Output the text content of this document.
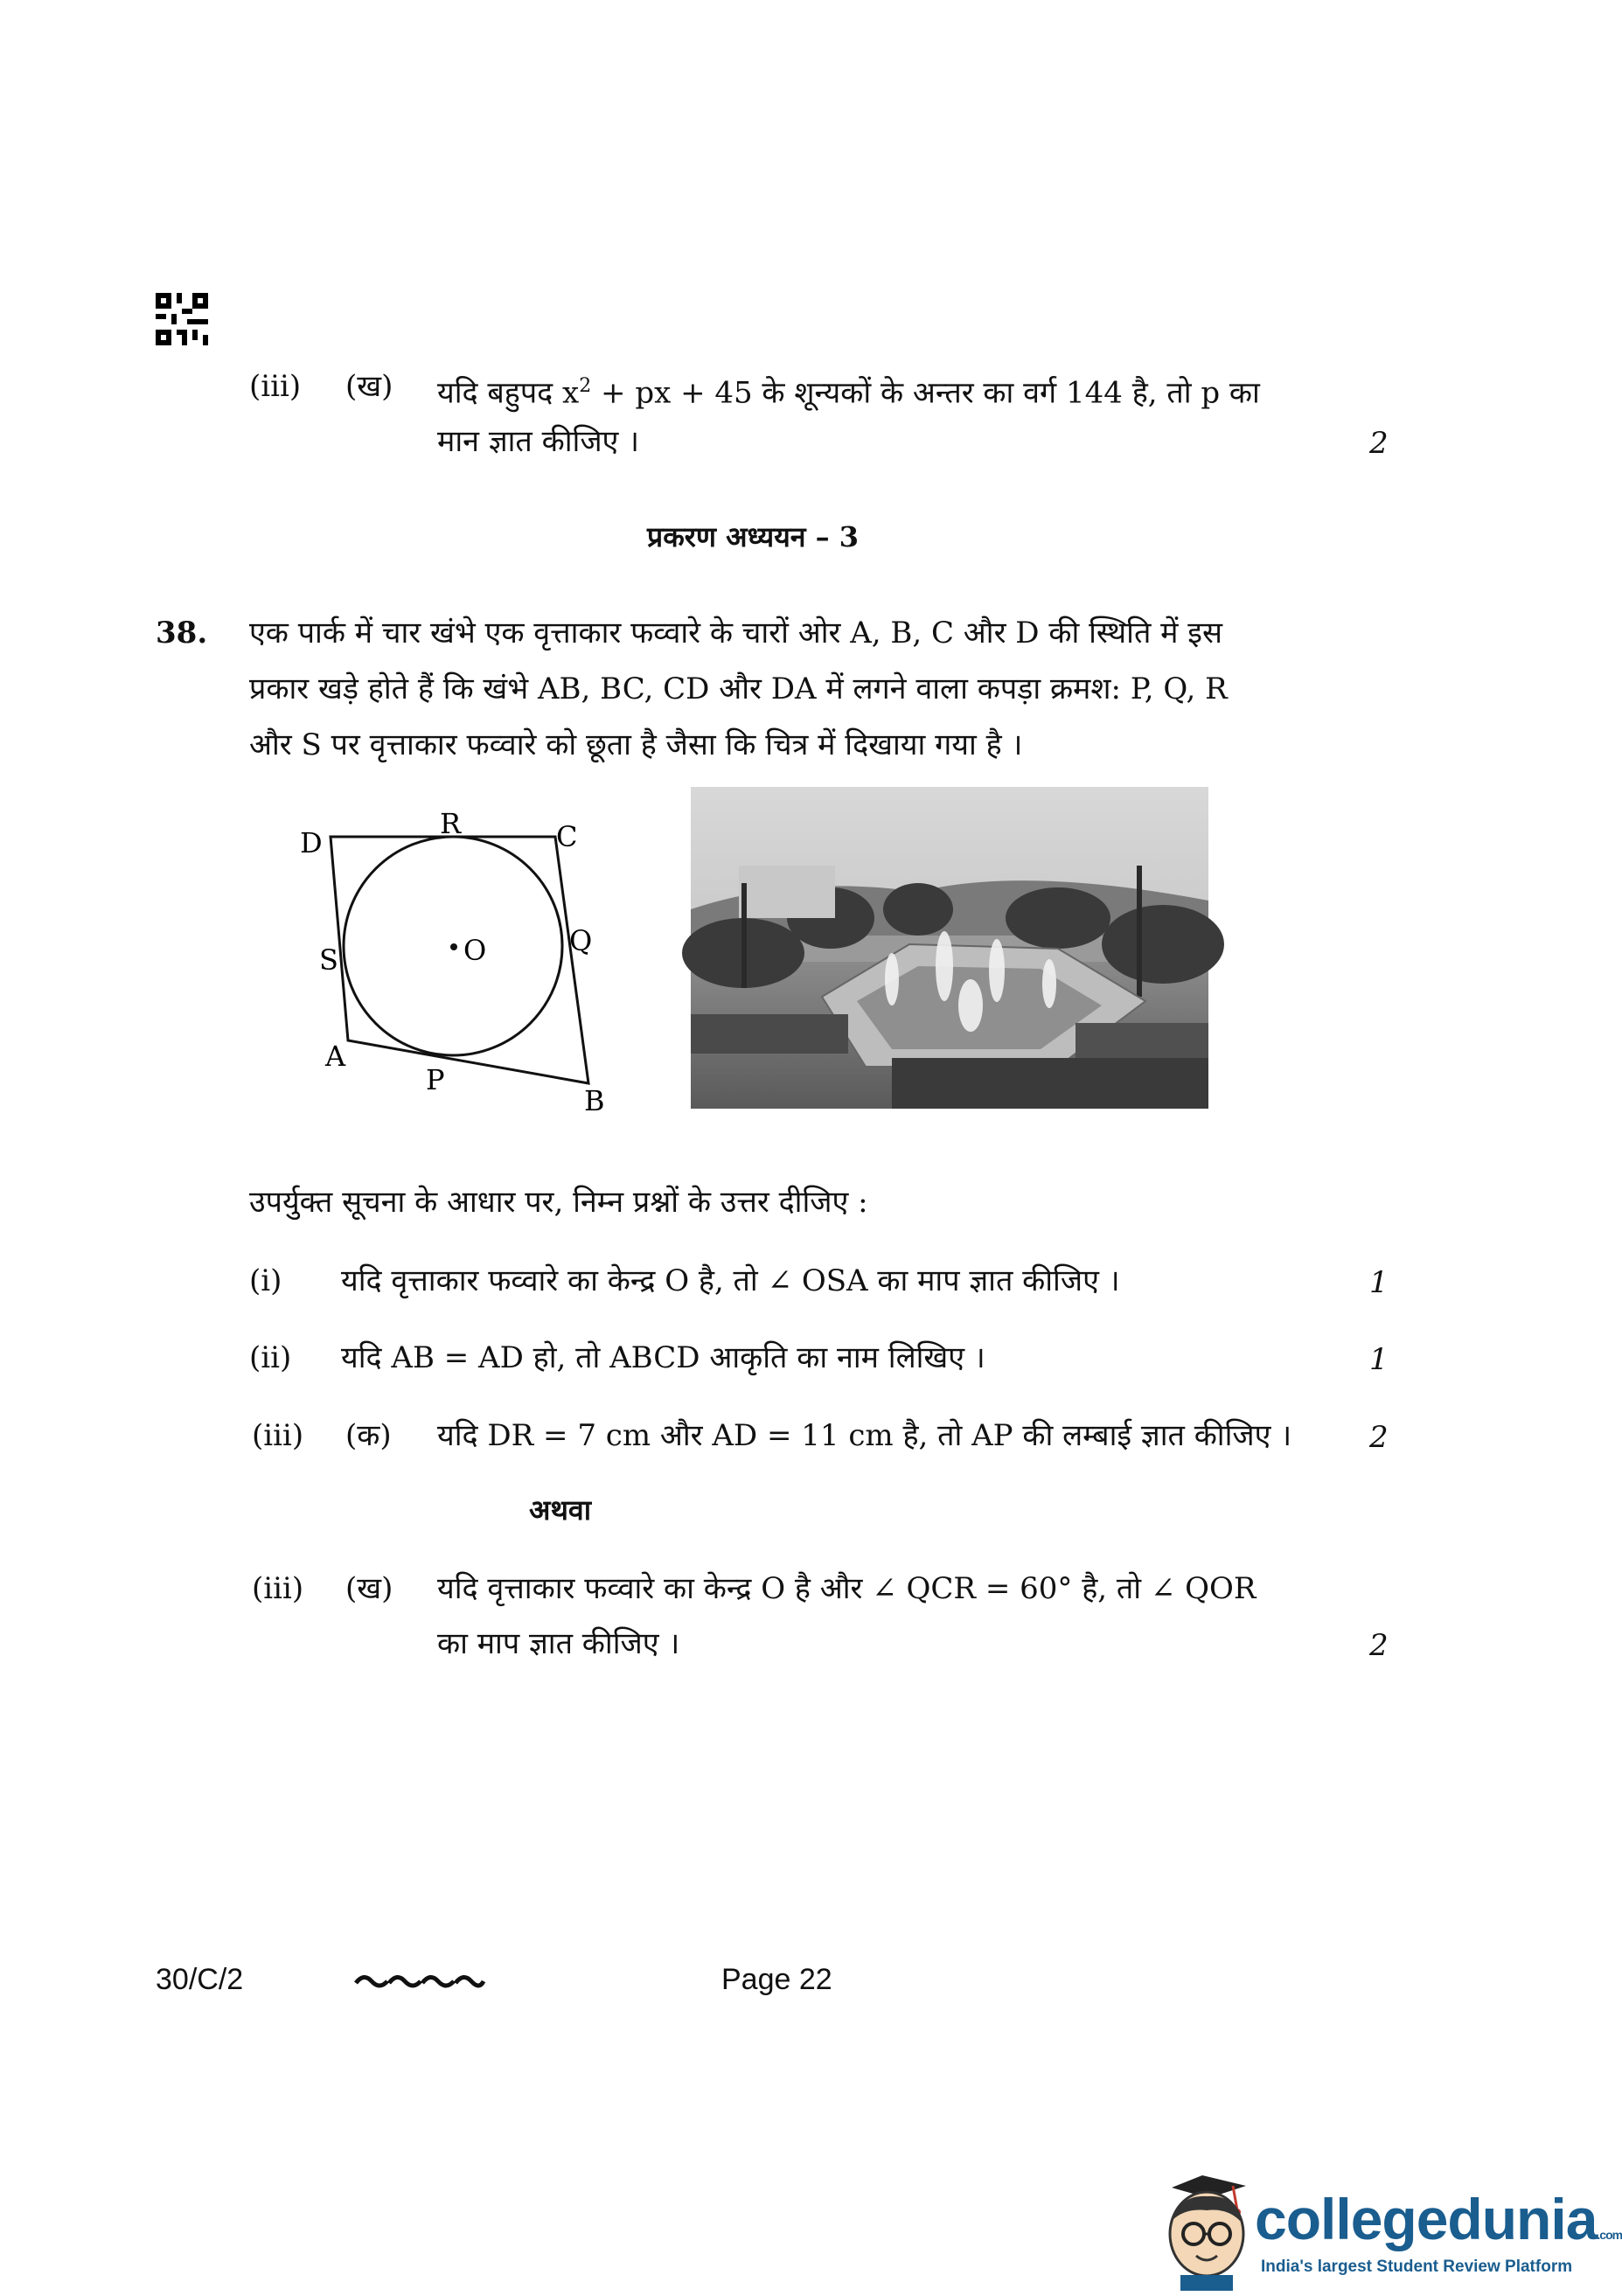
(iii) (ख) यदि बहुपद $x^2$ + px + 45 के शून्यकों के अन्तर का वर्ग 144 है, तो p का
मान ज्ञात कीजिए ।	2
प्रकरण अध्ययन – 3
38. एक पार्क में चार खंभे एक वृत्ताकार फव्वारे के चारों ओर A, B, C और D की स्थिति में इस
प्रकार खड़े होते हैं कि खंभे AB, BC, CD और DA में लगने वाला कपड़ा क्रमश: P, Q, R
और S पर वृत्ताकार फव्वारे को छूता है जैसा कि चित्र में दिखाया गया है ।
D
R	C
Q
S	O
A
P
B
उपर्युक्त सूचना के आधार पर, निम्न प्रश्नों के उत्तर दीजिए :
(i) यदि वृत्ताकार फव्वारे का केन्द्र O है, तो ∠ OSA का माप ज्ञात कीजिए ।	1
(ii) यदि AB = AD हो, तो ABCD आकृति का नाम लिखिए ।	1
(iii) (क) यदि DR = 7 cm और AD = 11 cm है, तो AP की लम्बाई ज्ञात कीजिए ।	2
अथवा
(iii) (ख) यदि वृत्ताकार फव्वारे का केन्द्र O है और ∠ QCR = 60° है, तो ∠ QOR
का माप ज्ञात कीजिए ।	2
30/C/2	Page 22
collegedunia.com
India's largest Student Review Platform
